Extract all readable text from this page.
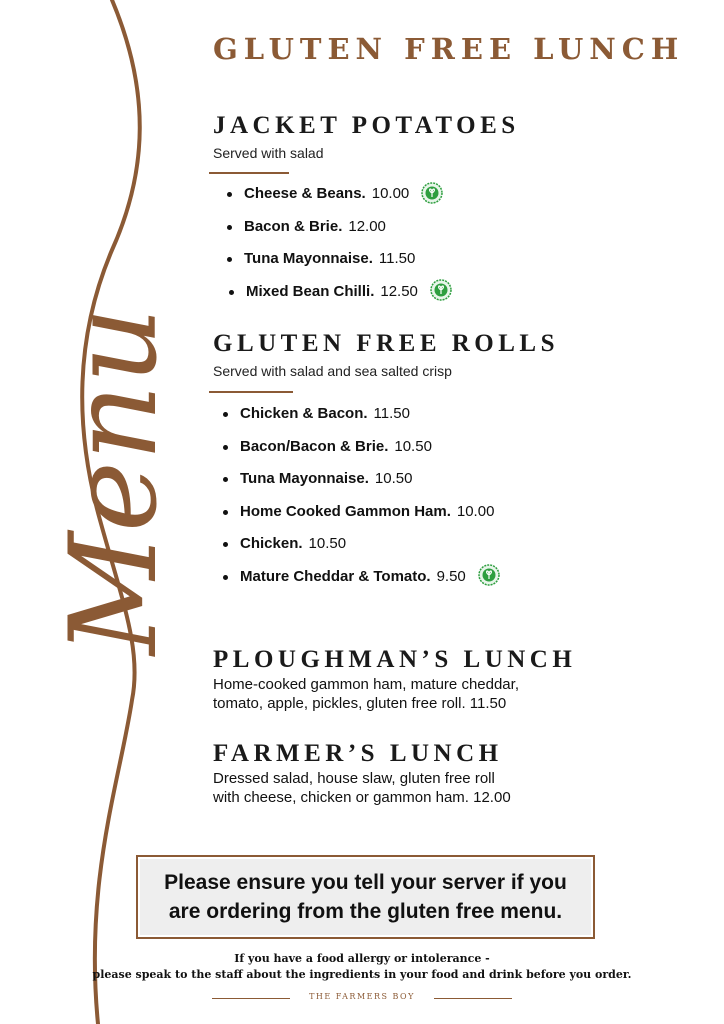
Menu
GLUTEN FREE LUNCH
JACKET POTATOES
Served with salad
Cheese & Beans. 10.00
Bacon & Brie. 12.00
Tuna Mayonnaise. 11.50
Mixed Bean Chilli. 12.50
GLUTEN FREE ROLLS
Served with salad and sea salted crisp
Chicken & Bacon. 11.50
Bacon/Bacon & Brie. 10.50
Tuna Mayonnaise. 10.50
Home Cooked Gammon Ham. 10.00
Chicken. 10.50
Mature Cheddar & Tomato. 9.50
PLOUGHMAN’S LUNCH

Home-cooked gammon ham, mature cheddar,
tomato, apple, pickles, gluten free roll. 11.50

FARMER’S LUNCH

Dressed salad, house slaw, gluten free roll
with cheese, chicken or gammon ham. 12.00

Please ensure you tell your server if you
are ordering from the gluten free menu.
If you have a food allergy or intolerance -
please speak to the staff about the ingredients in your food and drink before you order.
THE FARMERS BOY
